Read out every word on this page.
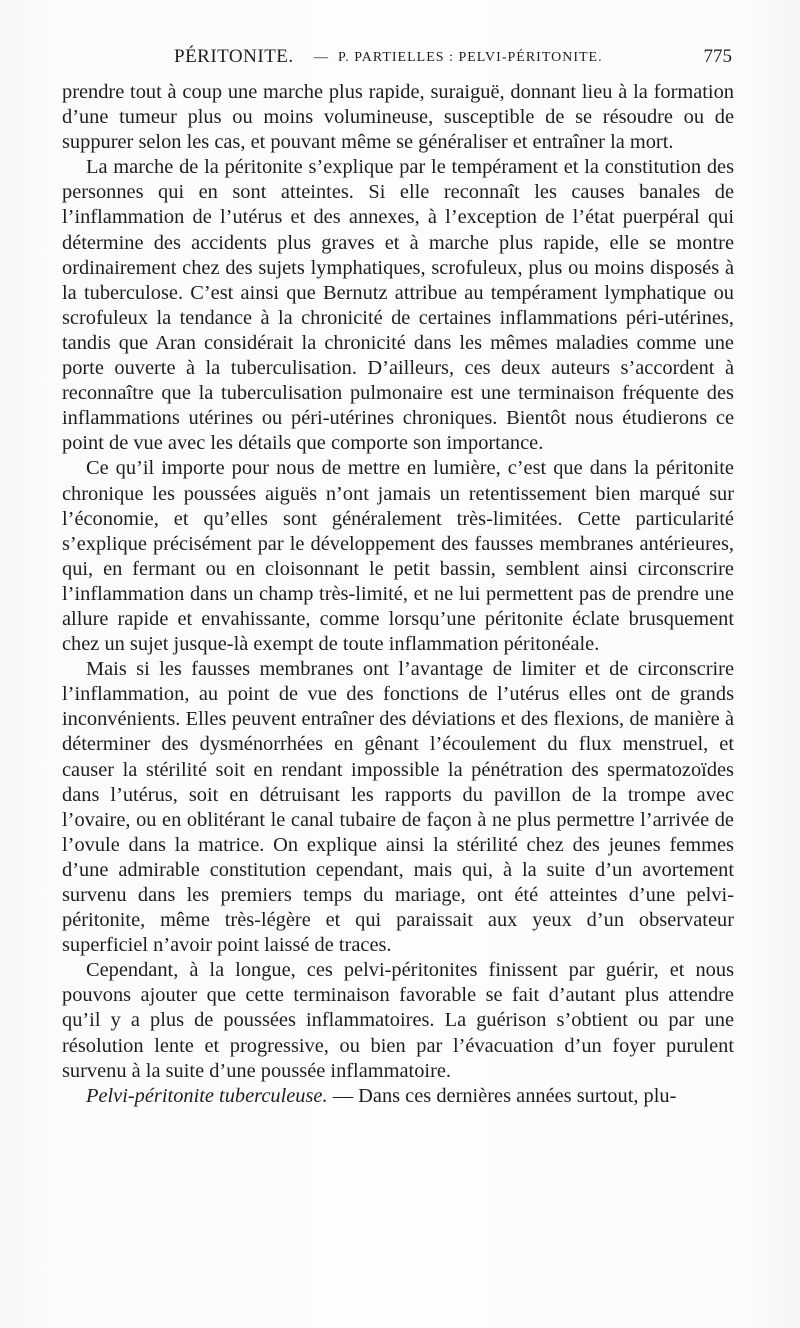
PÉRITONITE. — P. PARTIELLES : PELVI-PÉRITONITE.	775

prendre tout à coup une marche plus rapide, suraiguë, donnant lieu à la formation d’une tumeur plus ou moins volumineuse, susceptible de se résoudre ou de suppurer selon les cas, et pouvant même se généraliser et entraîner la mort.

La marche de la péritonite s’explique par le tempérament et la constitution des personnes qui en sont atteintes. Si elle reconnaît les causes banales de l’inflammation de l’utérus et des annexes, à l’exception de l’état puerpéral qui détermine des accidents plus graves et à marche plus rapide, elle se montre ordinairement chez des sujets lymphatiques, scrofuleux, plus ou moins disposés à la tuberculose. C’est ainsi que Bernutz attribue au tempérament lymphatique ou scrofuleux la tendance à la chronicité de certaines inflammations péri-utérines, tandis que Aran considérait la chronicité dans les mêmes maladies comme une porte ouverte à la tuberculisation. D’ailleurs, ces deux auteurs s’accordent à reconnaître que la tuberculisation pulmonaire est une terminaison fréquente des inflammations utérines ou péri-utérines chroniques. Bientôt nous étudierons ce point de vue avec les détails que comporte son importance.

Ce qu’il importe pour nous de mettre en lumière, c’est que dans la péritonite chronique les poussées aiguës n’ont jamais un retentissement bien marqué sur l’économie, et qu’elles sont généralement très-limitées. Cette particularité s’explique précisément par le développement des fausses membranes antérieures, qui, en fermant ou en cloisonnant le petit bassin, semblent ainsi circonscrire l’inflammation dans un champ très-limité, et ne lui permettent pas de prendre une allure rapide et envahissante, comme lorsqu’une péritonite éclate brusquement chez un sujet jusque-là exempt de toute inflammation péritonéale.

Mais si les fausses membranes ont l’avantage de limiter et de circonscrire l’inflammation, au point de vue des fonctions de l’utérus elles ont de grands inconvénients. Elles peuvent entraîner des déviations et des flexions, de manière à déterminer des dysménorrhées en gênant l’écoulement du flux menstruel, et causer la stérilité soit en rendant impossible la pénétration des spermatozoïdes dans l’utérus, soit en détruisant les rapports du pavillon de la trompe avec l’ovaire, ou en oblitérant le canal tubaire de façon à ne plus permettre l’arrivée de l’ovule dans la matrice. On explique ainsi la stérilité chez des jeunes femmes d’une admirable constitution cependant, mais qui, à la suite d’un avortement survenu dans les premiers temps du mariage, ont été atteintes d’une pelvi-péritonite, même très-légère et qui paraissait aux yeux d’un observateur superficiel n’avoir point laissé de traces.

Cependant, à la longue, ces pelvi-péritonites finissent par guérir, et nous pouvons ajouter que cette terminaison favorable se fait d’autant plus attendre qu’il y a plus de poussées inflammatoires. La guérison s’obtient ou par une résolution lente et progressive, ou bien par l’évacuation d’un foyer purulent survenu à la suite d’une poussée inflammatoire.

Pelvi-péritonite tuberculeuse. — Dans ces dernières années surtout, plu-
